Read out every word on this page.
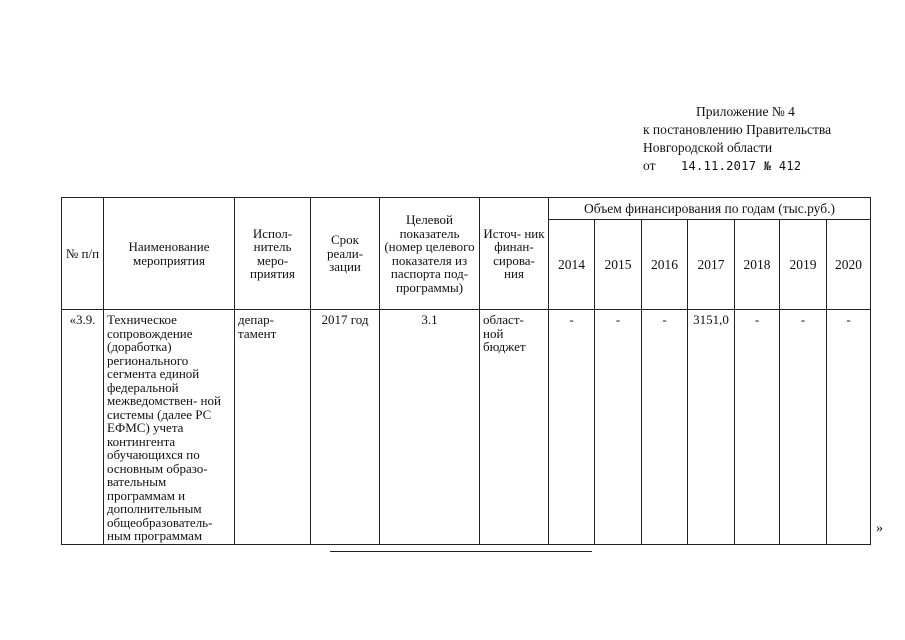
Приложение № 4
к постановлению Правительства
Новгородской области
от	14.11.2017 № 412
№ п/п	Наименование мероприятия	Испол- нитель меро- приятия	Срок реали- зации	Целевой показатель (номер целевого показателя из паспорта под- программы)	Источ- ник финан- сирова- ния	Объем финансирования по годам (тыс.руб.)						
						2014	2015	2016	2017	2018	2019	2020
«3.9.	Техническое сопровождение (доработка) регионального сегмента единой федеральной межведомствен- ной системы (далее РС ЕФМС) учета контингента обучающихся по основным образо- вательным программам и дополнительным общеобразователь- ным программам	депар- тамент	2017 год	3.1	област- ной бюджет	-	-	-	3151,0	-	-	-
»
